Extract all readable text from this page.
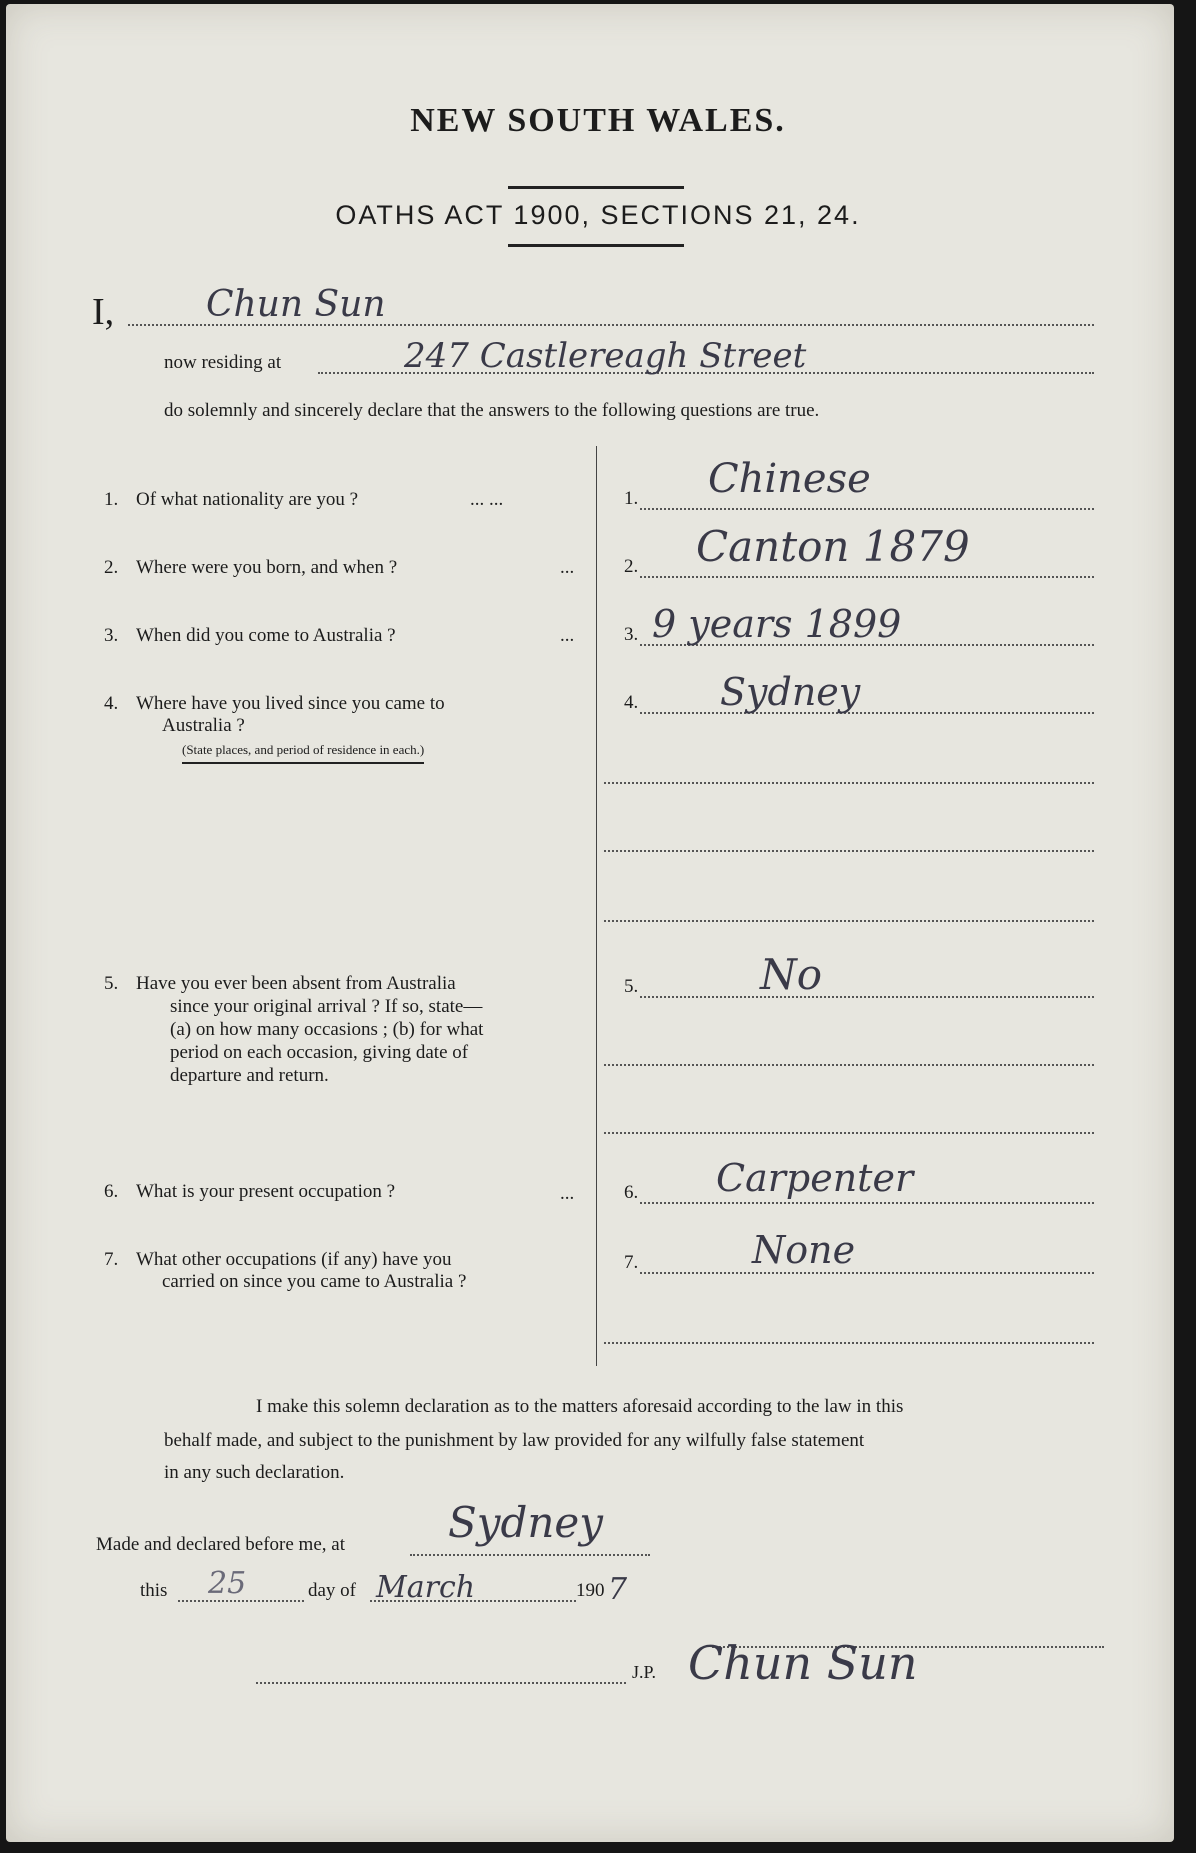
NEW SOUTH WALES.
OATHS ACT 1900, SECTIONS 21, 24.
I,	Chun Sun
now residing at	247 Castlereagh Street
do solemnly and sincerely declare that the answers to the following questions are true.
1. Of what nationality are you ?	... ...	1. Chinese
2. Where were you born, and when ?	...	2. Canton 1879
3. When did you come to Australia ?	...	3. 9 years 1899
4. Where have you lived since you came to
Australia ?
(State places, and period of residence in each.)
4. Sydney
5. Have you ever been absent from Australia
since your original arrival ? If so, state—
(a) on how many occasions ; (b) for what
period on each occasion, giving date of
departure and return.
5.	No
6. What is your present occupation ?	...	6. Carpenter
7. What other occupations (if any) have you
carried on since you came to Australia ?
7.	None
I make this solemn declaration as to the matters aforesaid according to the law in this
behalf made, and subject to the punishment by law provided for any wilfully false statement
in any such declaration.
Made and declared before me, at Sydney
this 25	day of March	190 7
J.P. Chun Sun
